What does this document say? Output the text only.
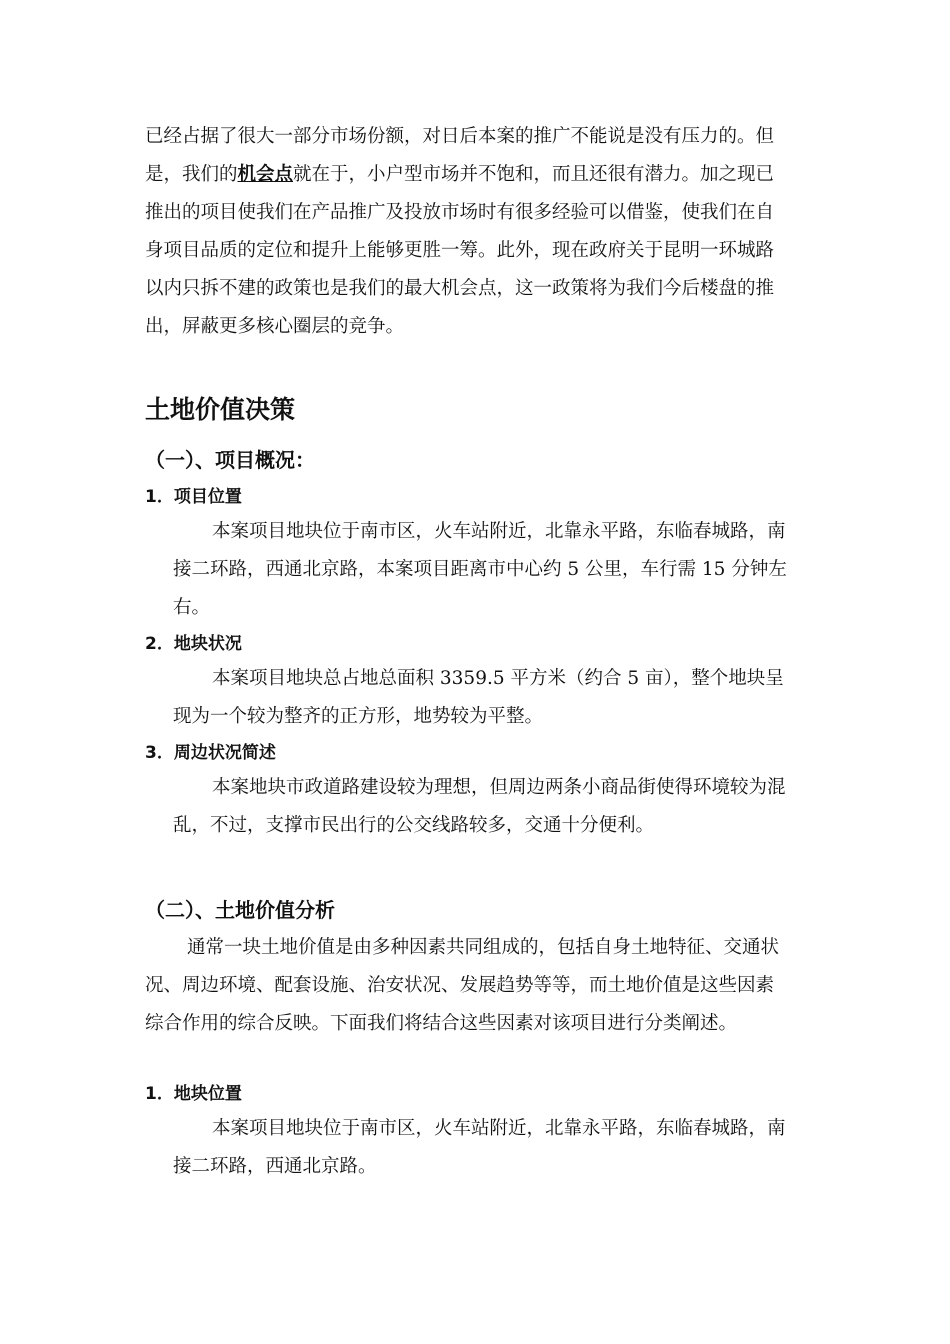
已经占据了很大一部分市场份额，对日后本案的推广不能说是没有压力的。但
是，我们的机会点就在于，小户型市场并不饱和，而且还很有潜力。加之现已
推出的项目使我们在产品推广及投放市场时有很多经验可以借鉴，使我们在自
身项目品质的定位和提升上能够更胜一筹。此外，现在政府关于昆明一环城路
以内只拆不建的政策也是我们的最大机会点，这一政策将为我们今后楼盘的推
出，屏蔽更多核心圈层的竞争。
土地价值决策
（一）、项目概况：
1．项目位置
本案项目地块位于南市区，火车站附近，北靠永平路，东临春城路，南
接二环路，西通北京路，本案项目距离市中心约 5 公里，车行需 15 分钟左
右。
2．地块状况
本案项目地块总占地总面积 3359.5 平方米（约合 5 亩），整个地块呈
现为一个较为整齐的正方形，地势较为平整。
3．周边状况简述
本案地块市政道路建设较为理想，但周边两条小商品街使得环境较为混
乱，不过，支撑市民出行的公交线路较多，交通十分便利。
（二）、土地价值分析
通常一块土地价值是由多种因素共同组成的，包括自身土地特征、交通状
况、周边环境、配套设施、治安状况、发展趋势等等，而土地价值是这些因素
综合作用的综合反映。下面我们将结合这些因素对该项目进行分类阐述。
1．地块位置
本案项目地块位于南市区，火车站附近，北靠永平路，东临春城路，南
接二环路，西通北京路。
